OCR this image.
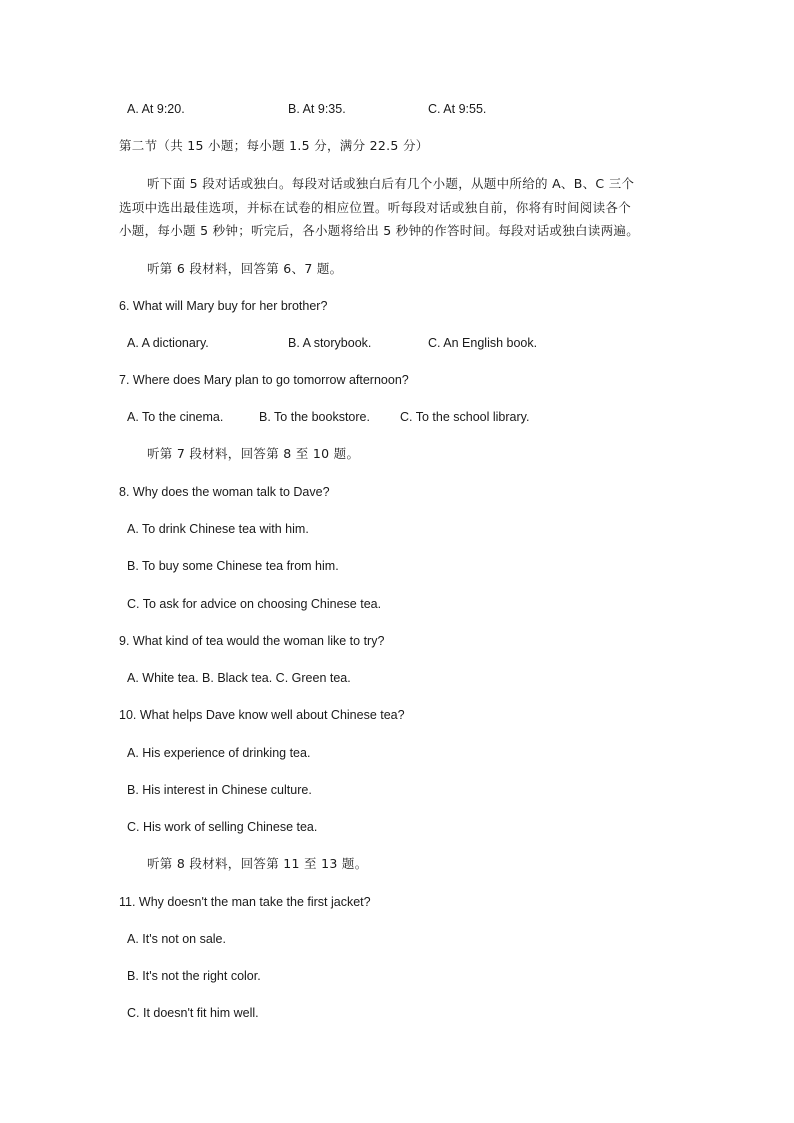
A. At 9:20.	B. At 9:35.	C. At 9:55.
第二节（共 15 小题；每小题 1.5 分，满分 22.5 分）
听下面 5 段对话或独白。每段对话或独白后有几个小题，从题中所给的 A、B、C 三个
选项中选出最佳选项，并标在试卷的相应位置。听每段对话或独自前，你将有时间阅读各个
小题，每小题 5 秒钟；听完后，各小题将给出 5 秒钟的作答时间。每段对话或独白读两遍。
听第 6 段材料，回答第 6、7 题。
6. What will Mary buy for her brother?
A. A dictionary.	B. A storybook.	C. An English book.
7. Where does Mary plan to go tomorrow afternoon?
A. To the cinema.	B. To the bookstore. C. To the school library.
听第 7 段材料，回答第 8 至 10 题。
8. Why does the woman talk to Dave?
A. To drink Chinese tea with him.
B. To buy some Chinese tea from him.
C. To ask for advice on choosing Chinese tea.
9. What kind of tea would the woman like to try?
A. White tea. B. Black tea. C. Green tea.
10. What helps Dave know well about Chinese tea?
A. His experience of drinking tea.
B. His interest in Chinese culture.
C. His work of selling Chinese tea.
听第 8 段材料，回答第 11 至 13 题。
11. Why doesn't the man take the first jacket?
A. It's not on sale.
B. It's not the right color.
C. It doesn't fit him well.
